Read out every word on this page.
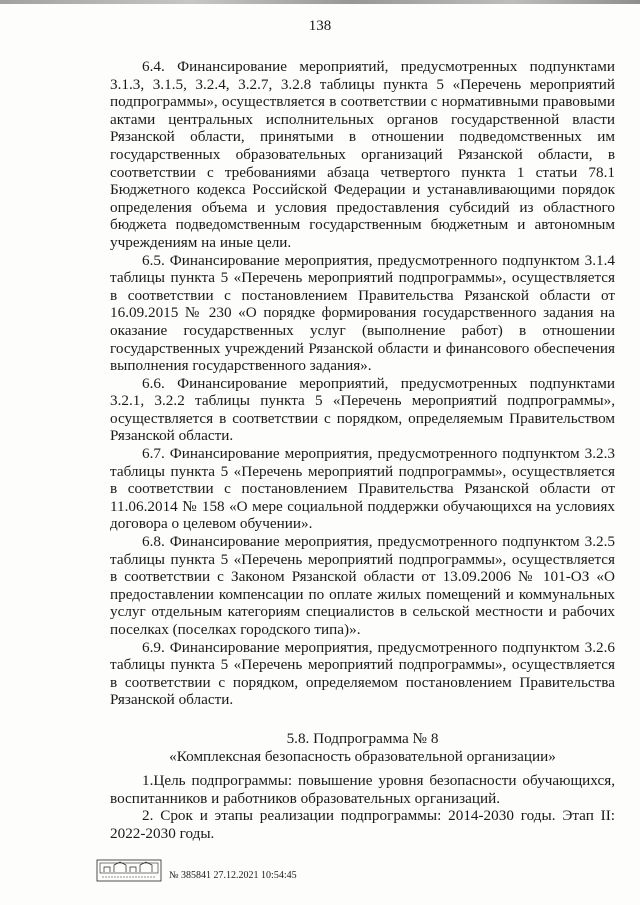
138

6.4. Финансирование мероприятий, предусмотренных подпунктами 3.1.3, 3.1.5, 3.2.4, 3.2.7, 3.2.8 таблицы пункта 5 «Перечень мероприятий подпрограммы», осуществляется в соответствии с нормативными правовыми актами центральных исполнительных органов государственной власти Рязанской области, принятыми в отношении подведомственных им государственных образовательных организаций Рязанской области, в соответствии с требованиями абзаца четвертого пункта 1 статьи 78.1 Бюджетного кодекса Российской Федерации и устанавливающими порядок определения объема и условия предоставления субсидий из областного бюджета подведомственным государственным бюджетным и автономным учреждениям на иные цели.

6.5. Финансирование мероприятия, предусмотренного подпунктом 3.1.4 таблицы пункта 5 «Перечень мероприятий подпрограммы», осуществляется в соответствии с постановлением Правительства Рязанской области от 16.09.2015 № 230 «О порядке формирования государственного задания на оказание государственных услуг (выполнение работ) в отношении государственных учреждений Рязанской области и финансового обеспечения выполнения государственного задания».

6.6. Финансирование мероприятий, предусмотренных подпунктами 3.2.1, 3.2.2 таблицы пункта 5 «Перечень мероприятий подпрограммы», осуществляется в соответствии с порядком, определяемым Правительством Рязанской области.

6.7. Финансирование мероприятия, предусмотренного подпунктом 3.2.3 таблицы пункта 5 «Перечень мероприятий подпрограммы», осуществляется в соответствии с постановлением Правительства Рязанской области от 11.06.2014 № 158 «О мере социальной поддержки обучающихся на условиях договора о целевом обучении».

6.8. Финансирование мероприятия, предусмотренного подпунктом 3.2.5 таблицы пункта 5 «Перечень мероприятий подпрограммы», осуществляется в соответствии с Законом Рязанской области от 13.09.2006 № 101-ОЗ «О предоставлении компенсации по оплате жилых помещений и коммунальных услуг отдельным категориям специалистов в сельской местности и рабочих поселках (поселках городского типа)».

6.9. Финансирование мероприятия, предусмотренного подпунктом 3.2.6 таблицы пункта 5 «Перечень мероприятий подпрограммы», осуществляется в соответствии с порядком, определяемом постановлением Правительства Рязанской области.

5.8. Подпрограмма № 8

«Комплексная безопасность образовательной организации»

1.Цель подпрограммы: повышение уровня безопасности обучающихся, воспитанников и работников образовательных организаций.

2. Срок и этапы реализации подпрограммы: 2014-2030 годы. Этап II: 2022-2030 годы.

№ 385841 27.12.2021 10:54:45
